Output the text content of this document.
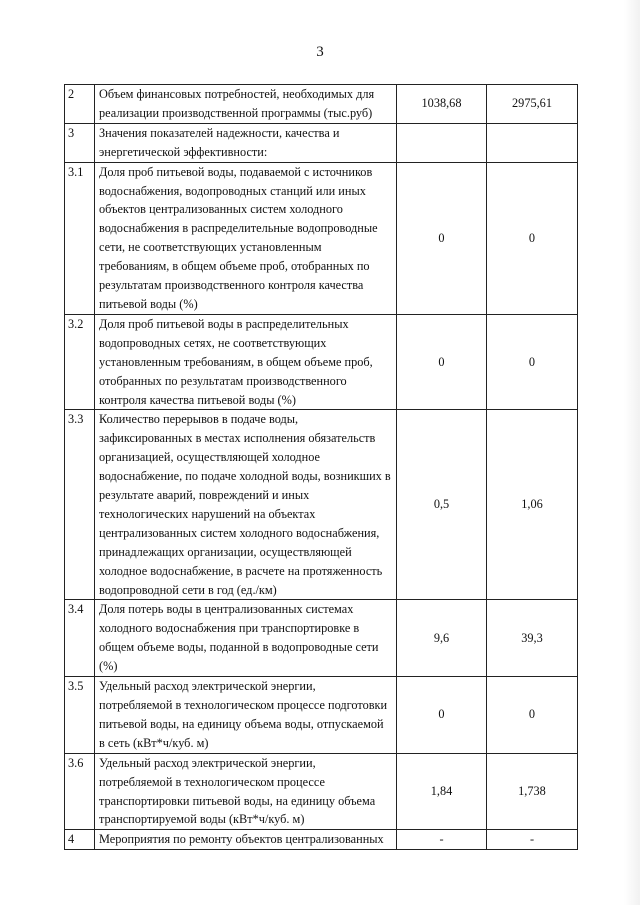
3
2	Объем финансовых потребностей, необходимых для реализации производственной программы (тыс.руб)	1038,68	2975,61
3	Значения показателей надежности, качества и энергетической эффективности:		
3.1	Доля проб питьевой воды, подаваемой с источников водоснабжения, водопроводных станций или иных объектов централизованных систем холодного водоснабжения в распределительные водопроводные сети, не соответствующих установленным требованиям, в общем объеме проб, отобранных по результатам производственного контроля качества питьевой воды (%)	0	0
3.2	Доля проб питьевой воды в распределительных водопроводных сетях, не соответствующих установленным требованиям, в общем объеме проб, отобранных по результатам производственного контроля качества питьевой воды (%)	0	0
3.3	Количество перерывов в подаче воды, зафиксированных в местах исполнения обязательств организацией, осуществляющей холодное водоснабжение, по подаче холодной воды, возникших в результате аварий, повреждений и иных технологических нарушений на объектах централизованных систем холодного водоснабжения, принадлежащих организации, осуществляющей холодное водоснабжение, в расчете на протяженность водопроводной сети в год (ед./км)	0,5	1,06
3.4	Доля потерь воды в централизованных системах холодного водоснабжения при транспортировке в общем объеме воды, поданной в водопроводные сети (%)	9,6	39,3
3.5	Удельный расход электрической энергии, потребляемой в технологическом процессе подготовки питьевой воды, на единицу объема воды, отпускаемой в сеть (кВт*ч/куб. м)	0	0
3.6	Удельный расход электрической энергии, потребляемой в технологическом процессе транспортировки питьевой воды, на единицу объема транспортируемой воды (кВт*ч/куб. м)	1,84	1,738
4	Мероприятия по ремонту объектов централизованных	-	-
